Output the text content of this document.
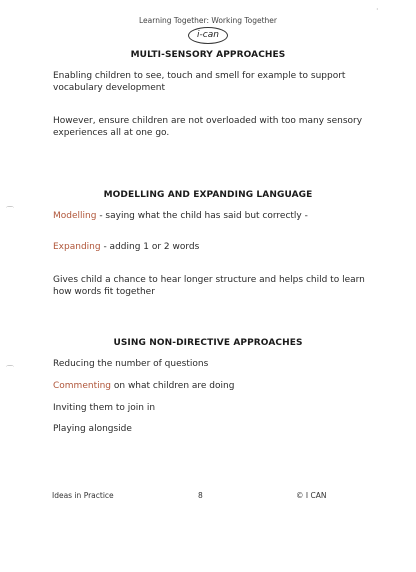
Learning Together: Working Together
i-can
MULTI-SENSORY APPROACHES
Enabling children to see, touch and smell for example to support vocabulary development
However, ensure children are not overloaded with too many sensory experiences all at one go.
MODELLING AND EXPANDING LANGUAGE
Modelling - saying what the child has said but correctly -
Expanding - adding 1 or 2 words
Gives child a chance to hear longer structure and helps child to learn how words fit together
USING NON-DIRECTIVE APPROACHES
Reducing the number of questions
Commenting on what children are doing
Inviting them to join in
Playing alongside
Ideas in Practice	8	© I CAN
⌒
⌒
·
